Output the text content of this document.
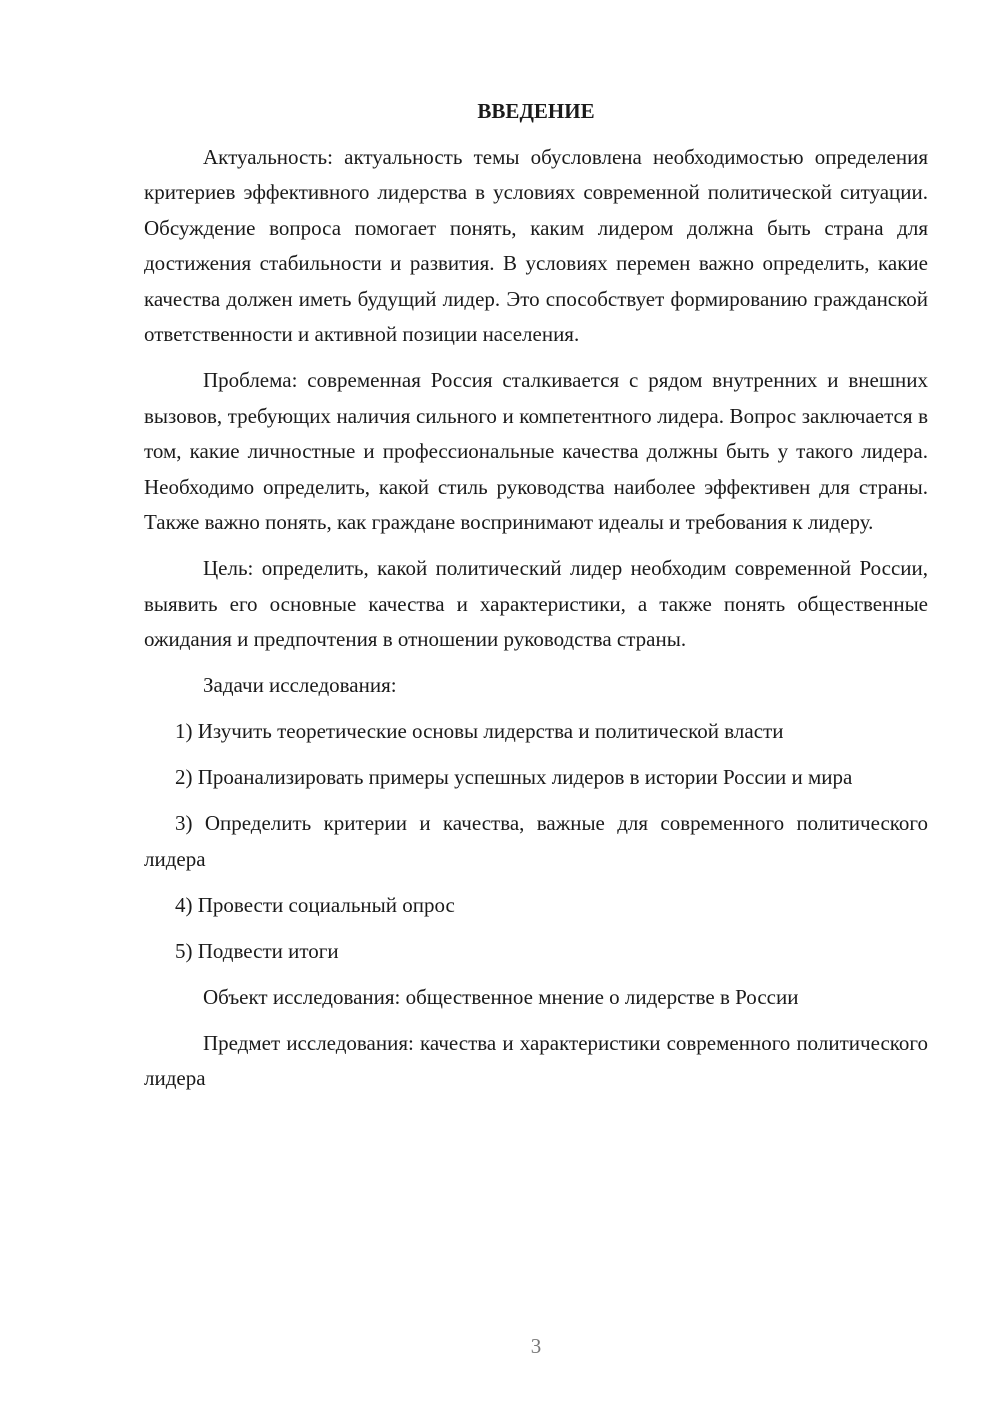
ВВЕДЕНИЕ

Актуальность: актуальность темы обусловлена необходимостью определения критериев эффективного лидерства в условиях современной политической ситуации. Обсуждение вопроса помогает понять, каким лидером должна быть страна для достижения стабильности и развития. В условиях перемен важно определить, какие качества должен иметь будущий лидер. Это способствует формированию гражданской ответственности и активной позиции населения.

Проблема: современная Россия сталкивается с рядом внутренних и внешних вызовов, требующих наличия сильного и компетентного лидера. Вопрос заключается в том, какие личностные и профессиональные качества должны быть у такого лидера. Необходимо определить, какой стиль руководства наиболее эффективен для страны. Также важно понять, как граждане воспринимают идеалы и требования к лидеру.

Цель: определить, какой политический лидер необходим современной России, выявить его основные качества и характеристики, а также понять общественные ожидания и предпочтения в отношении руководства страны.

Задачи исследования:

1) Изучить теоретические основы лидерства и политической власти

2) Проанализировать примеры успешных лидеров в истории России и мира

3) Определить критерии и качества, важные для современного политического лидера

4) Провести социальный опрос

5) Подвести итоги

Объект исследования: общественное мнение о лидерстве в России

Предмет исследования: качества и характеристики современного политического лидера

3
